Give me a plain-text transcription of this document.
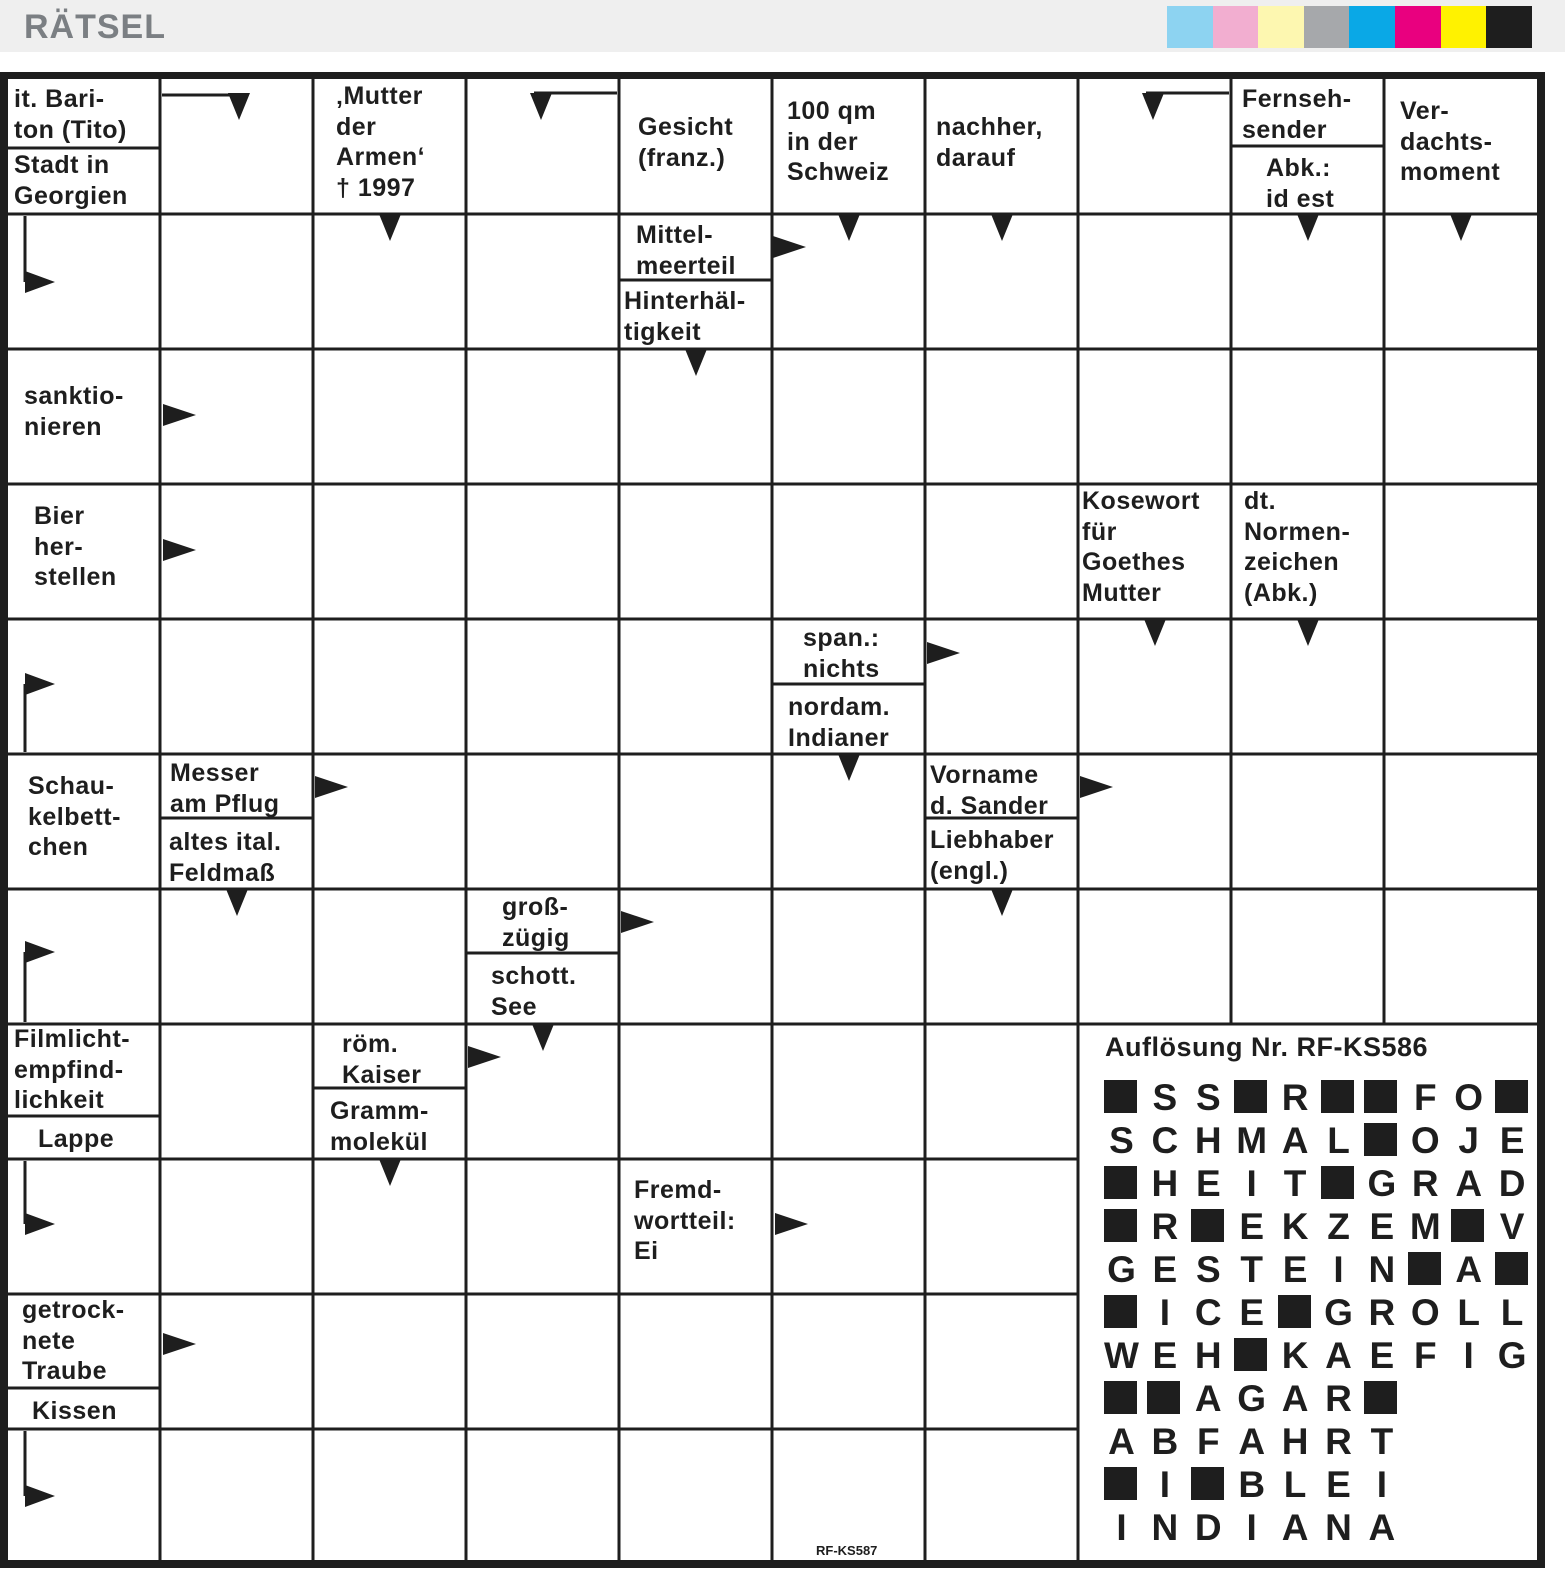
RÄTSEL
it. Bari-
ton (Tito)
Stadt in
Georgien
‚Mutter
der
Armen‘
† 1997
Gesicht
(franz.)
100 qm
in der
Schweiz
nachher,
darauf
Fernseh-
sender
Abk.:
id est
Ver-
dachts-
moment
Mittel-
meerteil
Hinterhäl-
tigkeit
sanktio-
nieren
Bier
her-
stellen
Kosewort
für
Goethes
Mutter
dt.
Normen-
zeichen
(Abk.)
span.:
nichts
nordam.
Indianer
Schau-
kelbett-
chen
Messer
am Pflug
altes ital.
Feldmaß
Vorname
d. Sander
Liebhaber
(engl.)
groß-
zügig
schott.
See
Filmlicht-
empfind-
lichkeit
Lappe
röm.
Kaiser
Gramm-
molekül
Fremd-
wortteil:
Ei
getrock-
nete
Traube
Kissen
Auflösung Nr. RF-KS586
S S R	F O
S C H M A L O J E
H E I T G R A D
R E K Z E M V
G E S T E I N A
I C E G R O L L
W E H K A E F I G
A G A R
A B F A H R T
I	B L E I
I N D I A N A
RF-KS587
